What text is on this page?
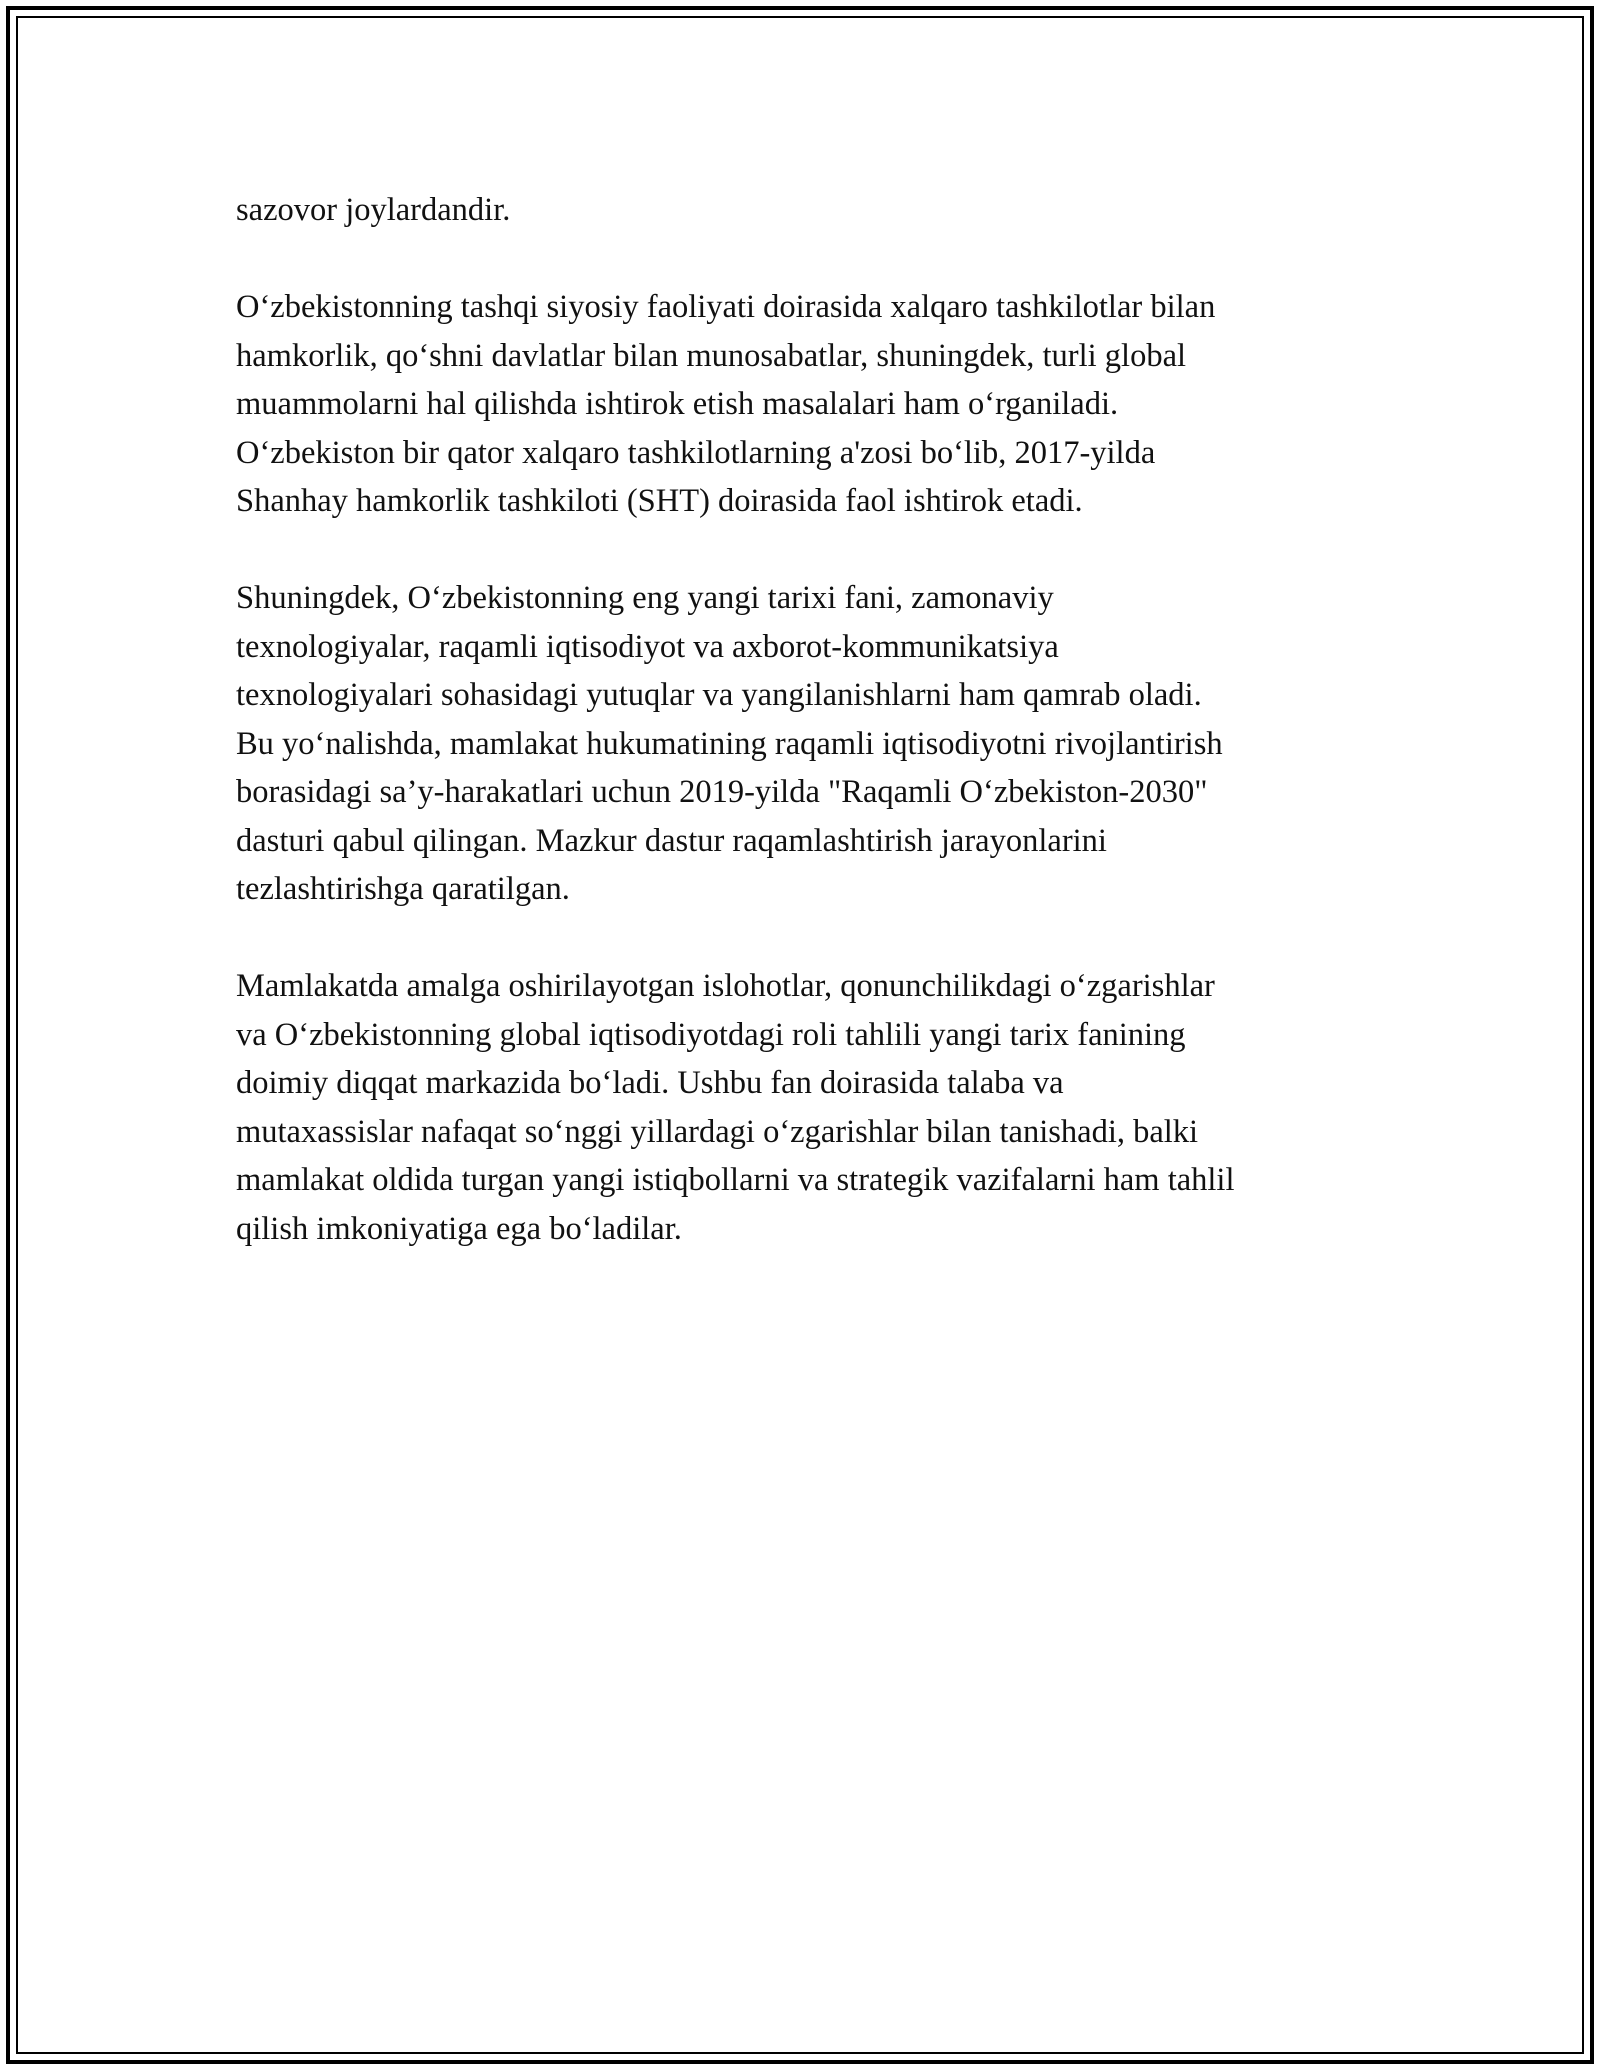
sazovor joylardandir.

O‘zbekistonning tashqi siyosiy faoliyati doirasida xalqaro tashkilotlar bilan
hamkorlik, qo‘shni davlatlar bilan munosabatlar, shuningdek, turli global
muammolarni hal qilishda ishtirok etish masalalari ham o‘rganiladi.
O‘zbekiston bir qator xalqaro tashkilotlarning a'zosi bo‘lib, 2017-yilda
Shanhay hamkorlik tashkiloti (SHT) doirasida faol ishtirok etadi.

Shuningdek, O‘zbekistonning eng yangi tarixi fani, zamonaviy
texnologiyalar, raqamli iqtisodiyot va axborot-kommunikatsiya
texnologiyalari sohasidagi yutuqlar va yangilanishlarni ham qamrab oladi.
Bu yo‘nalishda, mamlakat hukumatining raqamli iqtisodiyotni rivojlantirish
borasidagi sa’y-harakatlari uchun 2019-yilda "Raqamli O‘zbekiston-2030"
dasturi qabul qilingan. Mazkur dastur raqamlashtirish jarayonlarini
tezlashtirishga qaratilgan.

Mamlakatda amalga oshirilayotgan islohotlar, qonunchilikdagi o‘zgarishlar
va O‘zbekistonning global iqtisodiyotdagi roli tahlili yangi tarix fanining
doimiy diqqat markazida bo‘ladi. Ushbu fan doirasida talaba va
mutaxassislar nafaqat so‘nggi yillardagi o‘zgarishlar bilan tanishadi, balki
mamlakat oldida turgan yangi istiqbollarni va strategik vazifalarni ham tahlil
qilish imkoniyatiga ega bo‘ladilar.
